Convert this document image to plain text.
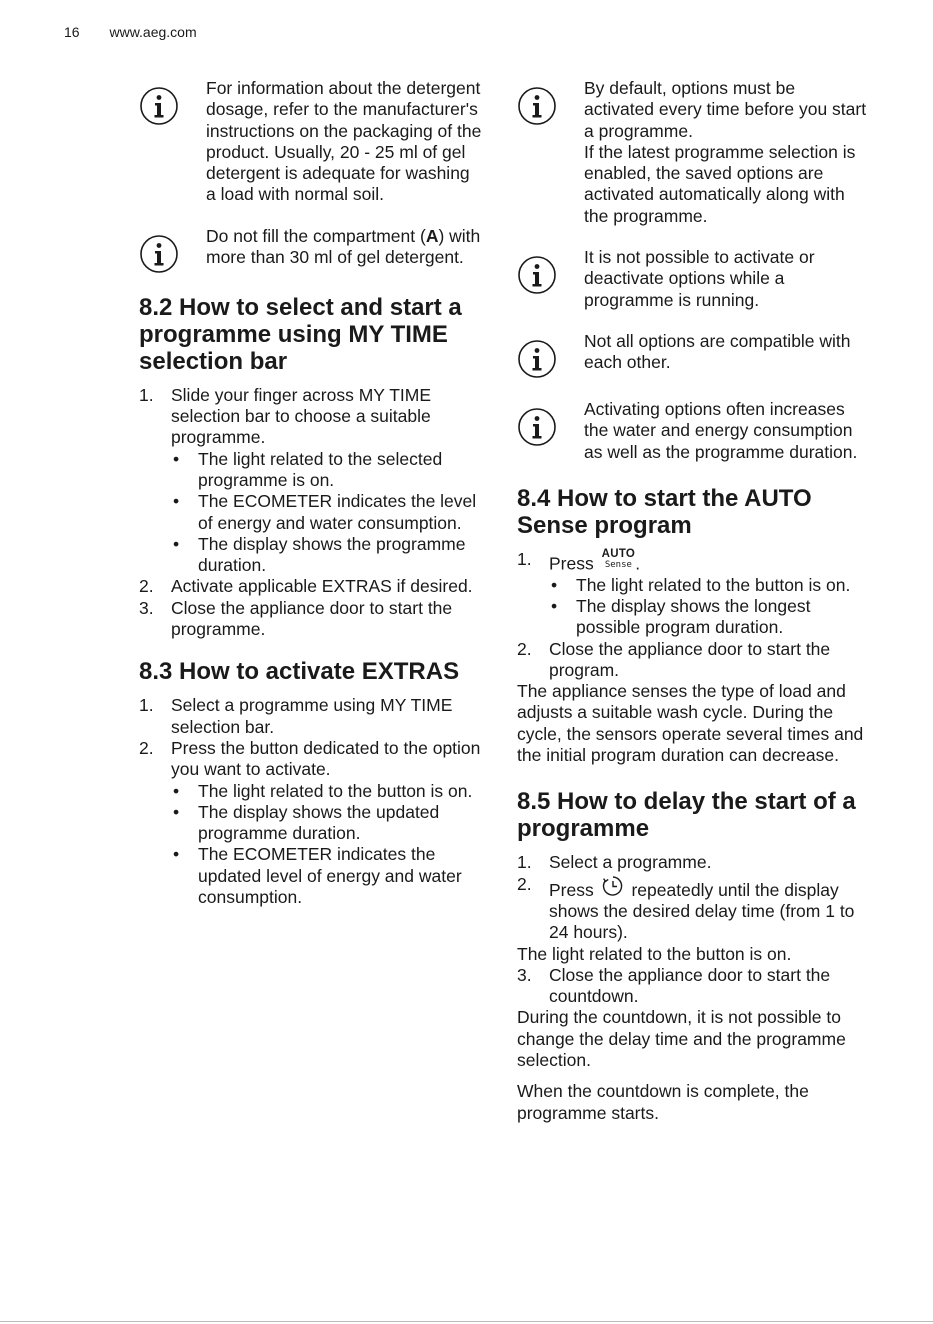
16 www.aeg.com

For information about the detergent dosage, refer to the manufacturer's instructions on the packaging of the product. Usually, 20 - 25 ml of gel detergent is adequate for washing a load with normal soil.

Do not fill the compartment (A) with more than 30 ml of gel detergent.

8.2 How to select and start a programme using MY TIME selection bar
1. Slide your finger across MY TIME selection bar to choose a suitable programme.
• The light related to the selected programme is on.
• The ECOMETER indicates the level of energy and water consumption.
• The display shows the programme duration.
2. Activate applicable EXTRAS if desired.
3. Close the appliance door to start the programme.
8.3 How to activate EXTRAS
1. Select a programme using MY TIME selection bar.
2. Press the button dedicated to the option you want to activate.
• The light related to the button is on.
• The display shows the updated programme duration.
• The ECOMETER indicates the updated level of energy and water consumption.

By default, options must be activated every time before you start a programme.

If the latest programme selection is enabled, the saved options are activated automatically along with the programme.

It is not possible to activate or deactivate options while a programme is running.

Not all options are compatible with each other.

Activating options often increases the water and energy consumption as well as the programme duration.

8.4 How to start the AUTO Sense program
1. Press AUTO
Sense .
• The light related to the button is on.
• The display shows the longest possible program duration.
2. Close the appliance door to start the program.

The appliance senses the type of load and adjusts a suitable wash cycle. During the cycle, the sensors operate several times and the initial program duration can decrease.

8.5 How to delay the start of a programme
1. Select a programme.
2. Press repeatedly until the display shows the desired delay time (from 1 to 24 hours).

The light related to the button is on.

3. Close the appliance door to start the countdown.

During the countdown, it is not possible to change the delay time and the programme selection.

When the countdown is complete, the programme starts.
